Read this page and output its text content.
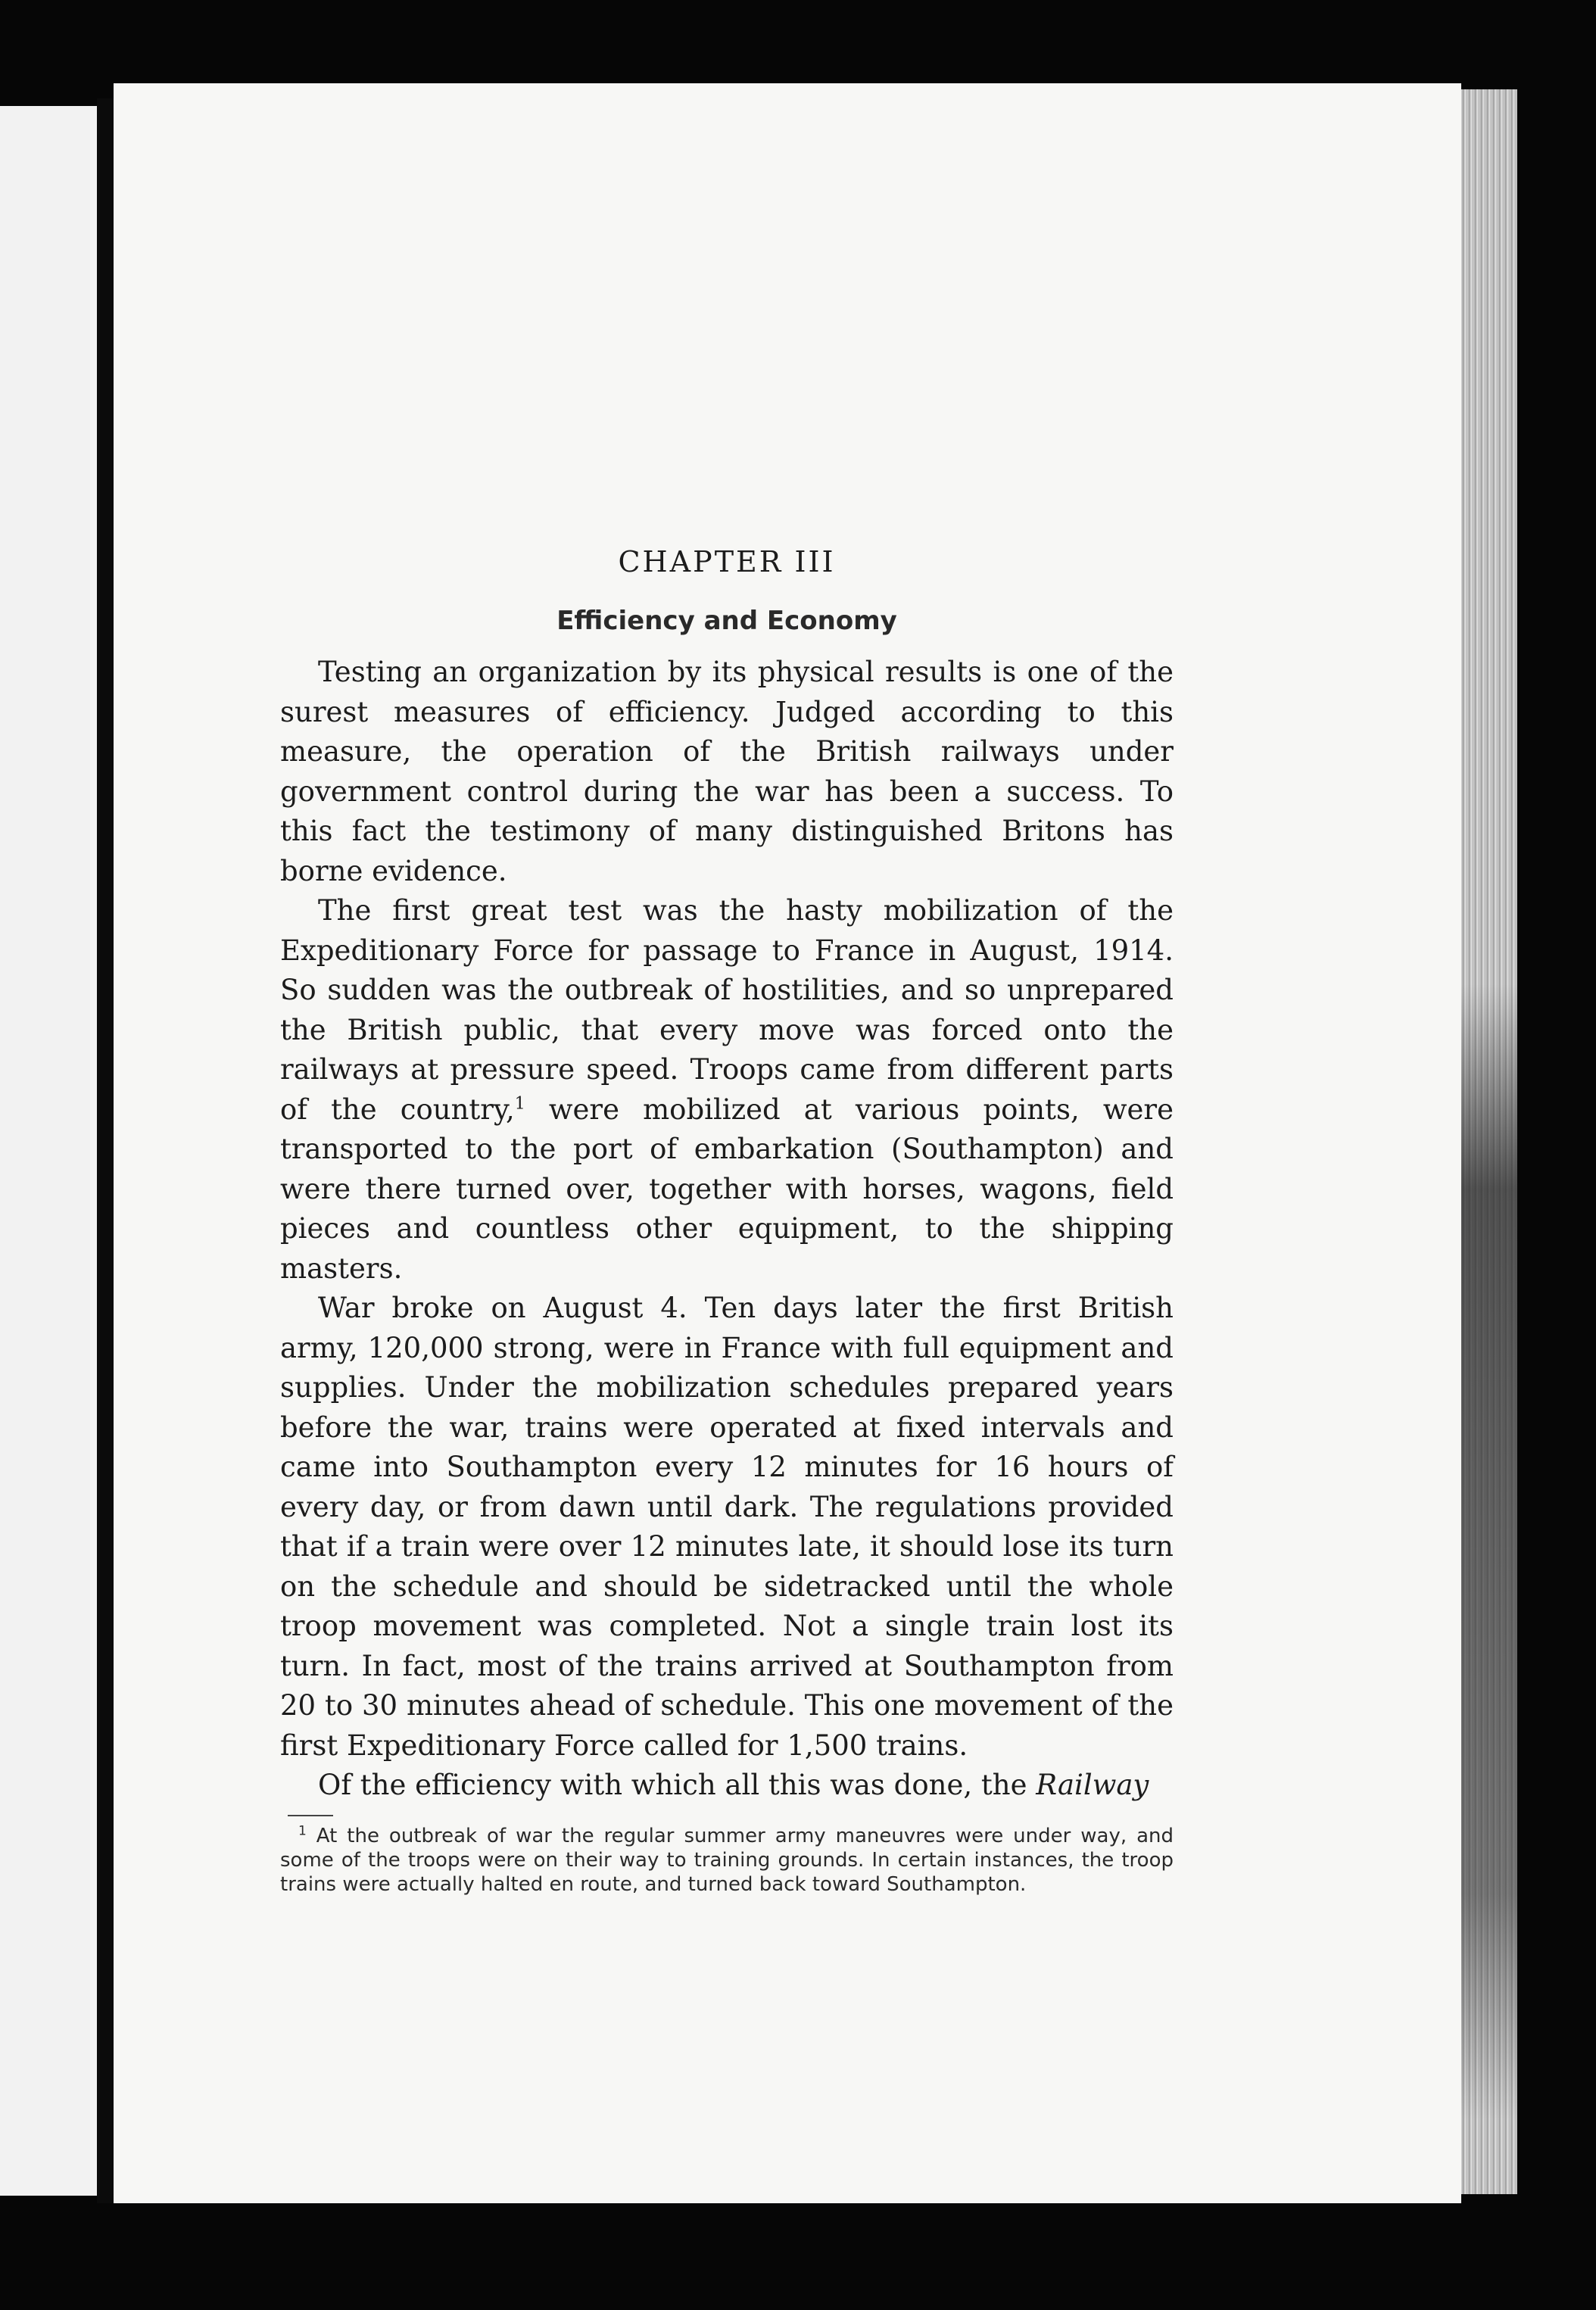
CHAPTER III
Efficiency and Economy

Testing an organization by its physical results is one of the surest measures of efficiency. Judged according to this measure, the operation of the British railways under government control during the war has been a success. To this fact the testimony of many distinguished Britons has borne evidence.

The first great test was the hasty mobilization of the Expeditionary Force for passage to France in August, 1914. So sudden was the outbreak of hostilities, and so unprepared the British public, that every move was forced onto the railways at pressure speed. Troops came from different parts of the country,$^1$ were mobilized at various points, were transported to the port of embarkation (Southampton) and were there turned over, together with horses, wagons, field pieces and countless other equipment, to the shipping masters.

War broke on August 4. Ten days later the first British army, 120,000 strong, were in France with full equipment and supplies. Under the mobilization schedules prepared years before the war, trains were operated at fixed intervals and came into Southampton every 12 minutes for 16 hours of every day, or from dawn until dark. The regulations provided that if a train were over 12 minutes late, it should lose its turn on the schedule and should be sidetracked until the whole troop movement was completed. Not a single train lost its turn. In fact, most of the trains arrived at Southampton from 20 to 30 minutes ahead of schedule. This one movement of the first Expeditionary Force called for 1,500 trains.

Of the efficiency with which all this was done, the Railway

$^1$ At the outbreak of war the regular summer army maneuvres were under way, and some of the troops were on their way to training grounds. In certain instances, the troop trains were actually halted en route, and turned back toward Southampton.
